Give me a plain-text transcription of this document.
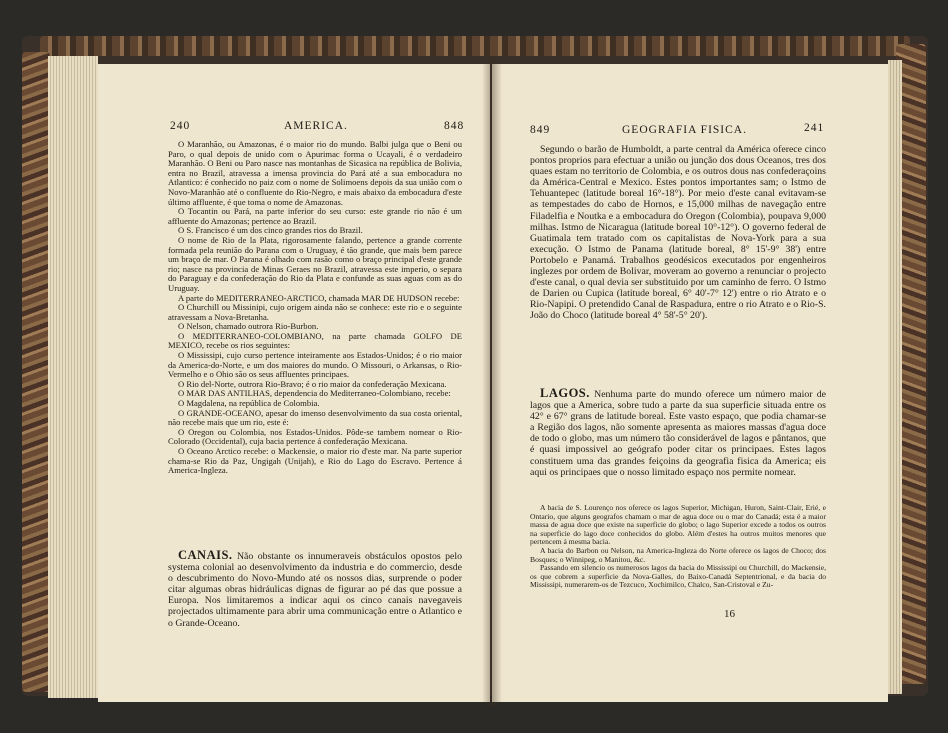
240	AMERICA.	848

O Maranhão, ou Amazonas, é o maior rio do mundo. Balbi julga que o Beni ou Paro, o qual depois de unido com o Apurimac forma o Ucayali, é o verdadeiro Maranhão. O Beni ou Paro nasce nas montanhas de Sicasica na república de Bolivia, entra no Brazil, atravessa a imensa provincia do Pará até a sua embocadura no Atlantico: é conhecido no paiz com o nome de Solimoens depois da sua união com o Novo-Maranhão até o confluente do Rio-Negro, e mais abaixo da embocadura d'este último affluente, é que toma o nome de Amazonas.

O Tocantin ou Pará, na parte inferior do seu curso: este grande rio não é um affluente do Amazonas; pertence ao Brazil.

O S. Francisco é um dos cinco grandes rios do Brazil.

O nome de Rio de la Plata, rigorosamente falando, pertence a grande corrente formada pela reunião do Parana com o Uruguay, é tão grande, que mais bem parece um braço de mar. O Parana é olhado com rasão como o braço principal d'este grande rio; nasce na provincia de Minas Geraes no Brazil, atravessa este imperio, o separa do Paraguay e da confederação do Rio da Plata e confunde as suas aguas com as do Uruguay.

A parte do MEDITERRANEO-ARCTICO, chamada MAR DE HUDSON recebe:

O Churchill ou Missinipi, cujo origem ainda não se conhece: este rio e o seguinte atravessam a Nova-Bretanha.

O Nelson, chamado outrora Rio-Burbon.

O MEDITERRANEO-COLOMBIANO, na parte chamada GOLFO DE MEXICO, recebe os rios seguintes:

O Mississipi, cujo curso pertence inteiramente aos Estados-Unidos; é o rio maior da America-do-Norte, e um dos maiores do mundo. O Missouri, o Arkansas, o Rio-Vermelho e o Ohio são os seus affluentes principaes.

O Rio del-Norte, outrora Rio-Bravo; é o rio maior da confederação Mexicana.

O MAR DAS ANTILHAS, dependencia do Mediterraneo-Colombiano, recebe:

O Magdalena, na república de Colombia.

O GRANDE-OCEANO, apesar do imenso desenvolvimento da sua costa oriental, não recebe mais que um rio, este é:

O Oregon ou Colombia, nos Estados-Unidos. Pôde-se tambem nomear o Rio-Colorado (Occidental), cuja bacia pertence á confederação Mexicana.

O Oceano Arctico recebe: o Mackensie, o maior rio d'este mar. Na parte superior chama-se Rio da Paz, Ungigah (Unijah), e Rio do Lago do Escravo. Pertence á America-Ingleza.

CANAIS. Não obstante os innumeraveis obstáculos opostos pelo systema colonial ao desenvolvimento da industria e do commercio, desde o descubrimento do Novo-Mundo até os nossos dias, surprende o poder citar algumas obras hidráulicas dignas de figurar ao pé das que possue a Europa. Nos limitaremos a indicar aqui os cinco canais navegaveis projectados ultimamente para abrir uma communicação entre o Atlantico e o Grande-Oceano.

849	GEOGRAFIA FISICA.	241

Segundo o barão de Humboldt, a parte central da América oferece cinco pontos proprios para efectuar a união ou junção dos dous Oceanos, tres dos quaes estam no territorio de Colombia, e os outros dous nas confederaçoins da América-Central e Mexico. Estes pontos importantes sam; o Istmo de Tehuantepec (latitude boreal 16°-18°). Por meio d'este canal evitavam-se as tempestades do cabo de Hornos, e 15,000 milhas de navegação entre Filadelfia e Noutka e a embocadura do Oregon (Colombia), poupava 9,000 milhas. Istmo de Nicaragua (latitude boreal 10°-12°). O governo federal de Guatimala tem tratado com os capitalistas de Nova-York para a sua execução. O Istmo de Panama (latitude boreal, 8° 15'-9° 38') entre Portobelo e Panamá. Trabalhos geodésicos executados por engenheiros inglezes por ordem de Bolivar, moveram ao governo a renunciar o projecto d'este canal, o qual devia ser substituido por um caminho de ferro. O Istmo de Darien ou Cupica (latitude boreal, 6° 40'-7° 12') entre o rio Atrato e o Rio-Napipi. O pretendido Canal de Raspadura, entre o rio Atrato e o Rio-S. João do Choco (latitude boreal 4° 58'-5° 20').

LAGOS. Nenhuma parte do mundo oferece um número maior de lagos que a America, sobre tudo a parte da sua superficie situada entre os 42° e 67° grans de latitude boreal. Este vasto espaço, que podia chamar-se a Região dos lagos, não somente apresenta as maiores massas d'agua doce de todo o globo, mas um número tão considerável de lagos e pântanos, que é quasi impossivel ao geógrafo poder citar os principaes. Estes lagos constituem uma das grandes feiçoins da geografia fisica da America; eis aqui os principaes que o nosso limitado espaço nos permite nomear.

A bacia de S. Lourenço nos oferece os lagos Superior, Michigan, Huron, Saint-Clair, Erié, e Ontario, que alguns geografos chamam o mar de agua doce ou o mar do Canadá; esta é a maior massa de agua doce que existe na superficie do globo; o lago Superior excede a todos os outros na superficie do lago doce conhecidos do globo. Além d'estes ha outros muitos menores que pertencem á mesma bacia.

A bacia do Barbon ou Nelson, na America-Ingleza do Norte oferece os lagos de Choco; dos Bosques; o Winnipeg, o Manitou, &c.

Passando em silencio os numerosos lagos da bacia do Mississipi ou Churchill, do Mackensie, os que cobrem a superficie da Nova-Galles, do Baixo-Canadá Septentrional, e da bacia do Mississipi, numerarem-os de Tezcuco, Xochimilco, Chalco, San-Cristoval e Zu-

16
